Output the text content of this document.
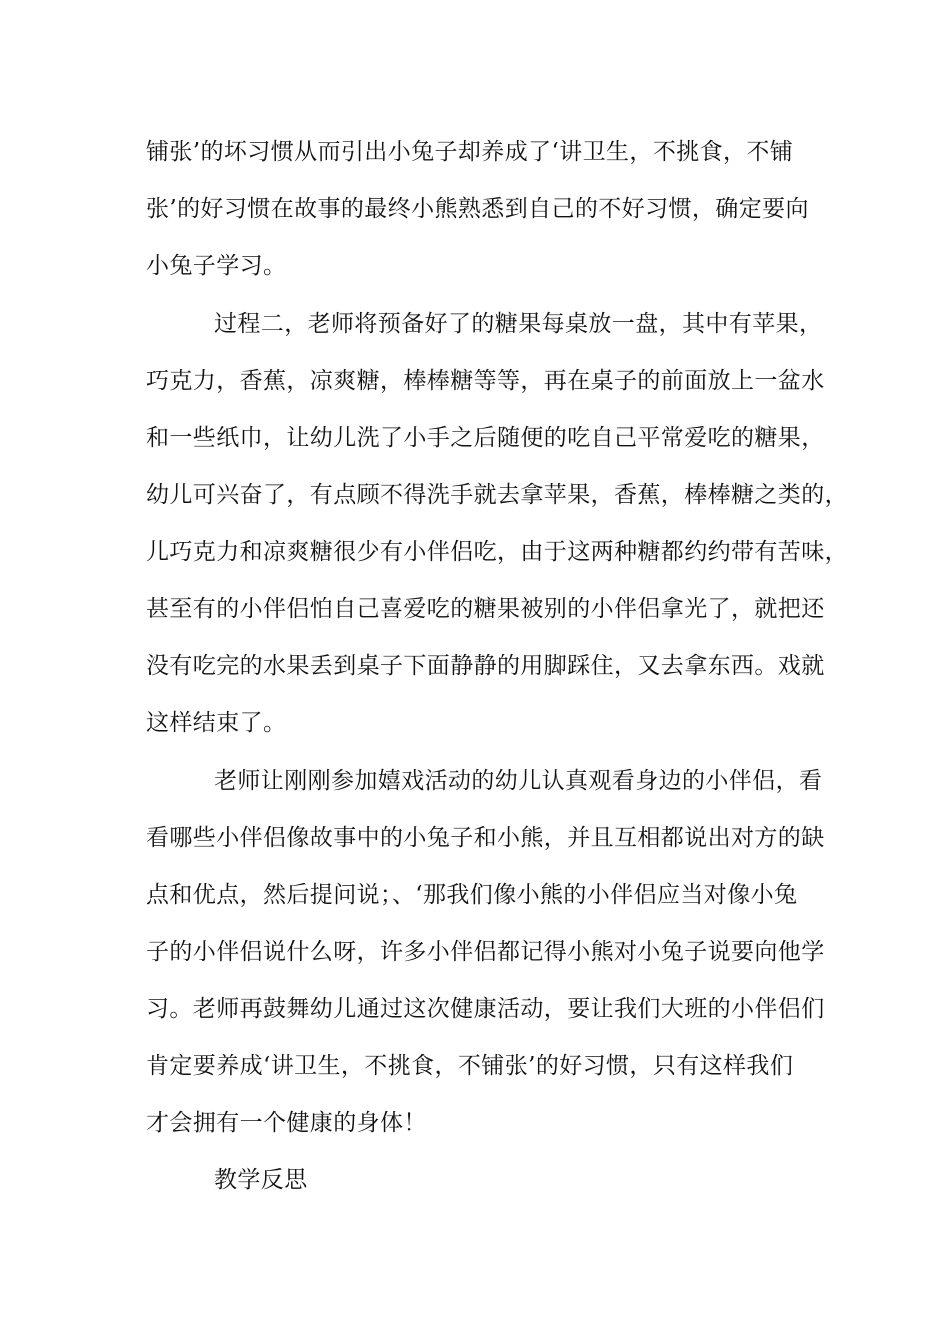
铺张’的坏习惯从而引出小兔子却养成了‘讲卫生，不挑食，不铺
张’的好习惯在故事的最终小熊熟悉到自己的不好习惯，确定要向
小兔子学习。
过程二，老师将预备好了的糖果每桌放一盘，其中有苹果，
巧克力，香蕉，凉爽糖，棒棒糖等等，再在桌子的前面放上一盆水
和一些纸巾，让幼儿洗了小手之后随便的吃自己平常爱吃的糖果，
幼儿可兴奋了，有点顾不得洗手就去拿苹果，香蕉，棒棒糖之类的，
儿巧克力和凉爽糖很少有小伴侣吃，由于这两种糖都约约带有苦味，
甚至有的小伴侣怕自己喜爱吃的糖果被别的小伴侣拿光了，就把还
没有吃完的水果丢到桌子下面静静的用脚踩住，又去拿东西。戏就
这样结束了。
老师让刚刚参加嬉戏活动的幼儿认真观看身边的小伴侣，看
看哪些小伴侣像故事中的小兔子和小熊，并且互相都说出对方的缺
点和优点，然后提问说；、‘那我们像小熊的小伴侣应当对像小兔
子的小伴侣说什么呀，许多小伴侣都记得小熊对小兔子说要向他学
习。老师再鼓舞幼儿通过这次健康活动，要让我们大班的小伴侣们
肯定要养成‘讲卫生，不挑食，不铺张’的好习惯，只有这样我们
才会拥有一个健康的身体！
教学反思
